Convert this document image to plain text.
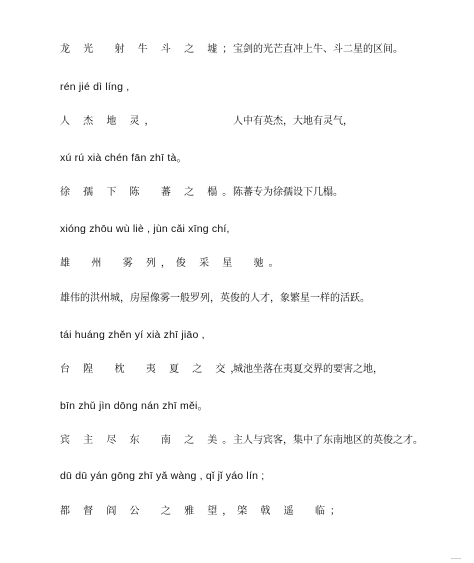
龙 光  射 牛 斗 之 墟；
宝剑的光芒直冲上牛、斗二星的区间。
rén jié dì líng ,
人 杰 地 灵，	人中有英杰，大地有灵气，
xú rú xià chén fān zhī tà。
徐 孺 下 陈  蕃 之 榻。
陈蕃专为徐孺设下几榻。
xióng zhōu wù liè , jùn cǎi xīng chí,
雄  州  雾 列，俊 采 星  驰。
雄伟的洪州城，房屋像雾一般罗列，英俊的人才，象繁星一样的活跃。
tái huáng zhěn yí xià zhī jiāo ,
台 隍  枕  夷 夏 之 交，
城池坐落在夷夏交界的要害之地，
bīn zhǔ jìn dōng nán zhī měi。
宾 主 尽 东  南 之 美。
主人与宾客，集中了东南地区的英俊之才。
dū dū yán gōng zhī yǎ wàng , qǐ jǐ yáo lín ;
都 督 阎 公  之 雅 望，棨 戟 遥  临；
